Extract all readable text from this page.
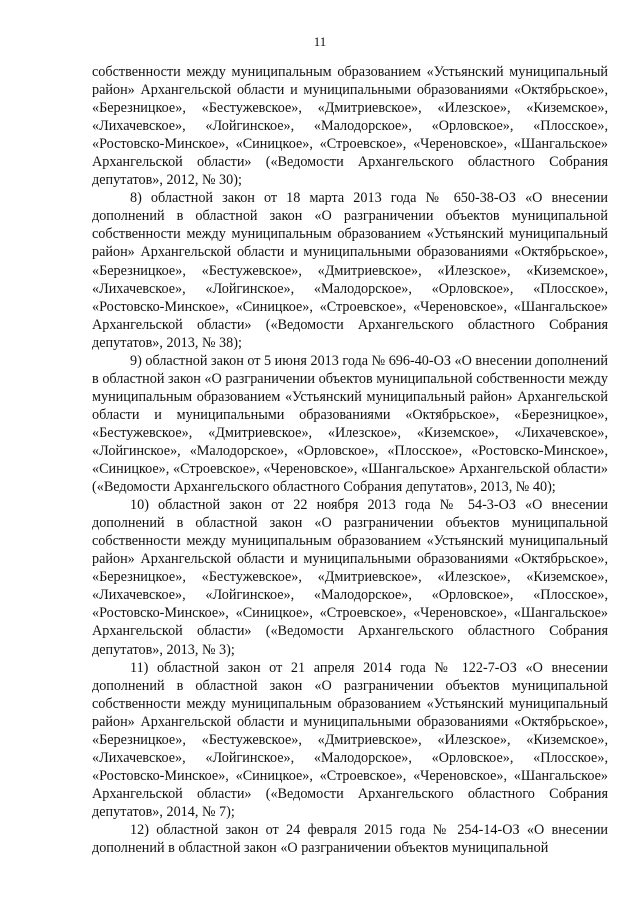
11

собственности между муниципальным образованием «Устьянский муниципальный район» Архангельской области и муниципальными образованиями «Октябрьское», «Березницкое», «Бестужевское», «Дмитриевское», «Илезское», «Киземское», «Лихачевское», «Лойгинское», «Малодорское», «Орловское», «Плосское», «Ростовско-Минское», «Синицкое», «Строевское», «Череновское», «Шангальское» Архангельской области» («Ведомости Архангельского областного Собрания депутатов», 2012, № 30);

8) областной закон от 18 марта 2013 года № 650-38-ОЗ «О внесении дополнений в областной закон «О разграничении объектов муниципальной собственности между муниципальным образованием «Устьянский муниципальный район» Архангельской области и муниципальными образованиями «Октябрьское», «Березницкое», «Бестужевское», «Дмитриевское», «Илезское», «Киземское», «Лихачевское», «Лойгинское», «Малодорское», «Орловское», «Плосское», «Ростовско-Минское», «Синицкое», «Строевское», «Череновское», «Шангальское» Архангельской области» («Ведомости Архангельского областного Собрания депутатов», 2013, № 38);

9) областной закон от 5 июня 2013 года № 696-40-ОЗ «О внесении дополнений в областной закон «О разграничении объектов муниципальной собственности между муниципальным образованием «Устьянский муниципальный район» Архангельской области и муниципальными образованиями «Октябрьское», «Березницкое», «Бестужевское», «Дмитриевское», «Илезское», «Киземское», «Лихачевское», «Лойгинское», «Малодорское», «Орловское», «Плосское», «Ростовско-Минское», «Синицкое», «Строевское», «Череновское», «Шангальское» Архангельской области» («Ведомости Архангельского областного Собрания депутатов», 2013, № 40);

10) областной закон от 22 ноября 2013 года № 54-3-ОЗ «О внесении дополнений в областной закон «О разграничении объектов муниципальной собственности между муниципальным образованием «Устьянский муниципальный район» Архангельской области и муниципальными образованиями «Октябрьское», «Березницкое», «Бестужевское», «Дмитриевское», «Илезское», «Киземское», «Лихачевское», «Лойгинское», «Малодорское», «Орловское», «Плосское», «Ростовско-Минское», «Синицкое», «Строевское», «Череновское», «Шангальское» Архангельской области» («Ведомости Архангельского областного Собрания депутатов», 2013, № 3);

11) областной закон от 21 апреля 2014 года № 122-7-ОЗ «О внесении дополнений в областной закон «О разграничении объектов муниципальной собственности между муниципальным образованием «Устьянский муниципальный район» Архангельской области и муниципальными образованиями «Октябрьское», «Березницкое», «Бестужевское», «Дмитриевское», «Илезское», «Киземское», «Лихачевское», «Лойгинское», «Малодорское», «Орловское», «Плосское», «Ростовско-Минское», «Синицкое», «Строевское», «Череновское», «Шангальское» Архангельской области» («Ведомости Архангельского областного Собрания депутатов», 2014, № 7);

12) областной закон от 24 февраля 2015 года № 254-14-ОЗ «О внесении дополнений в областной закон «О разграничении объектов муниципальной
